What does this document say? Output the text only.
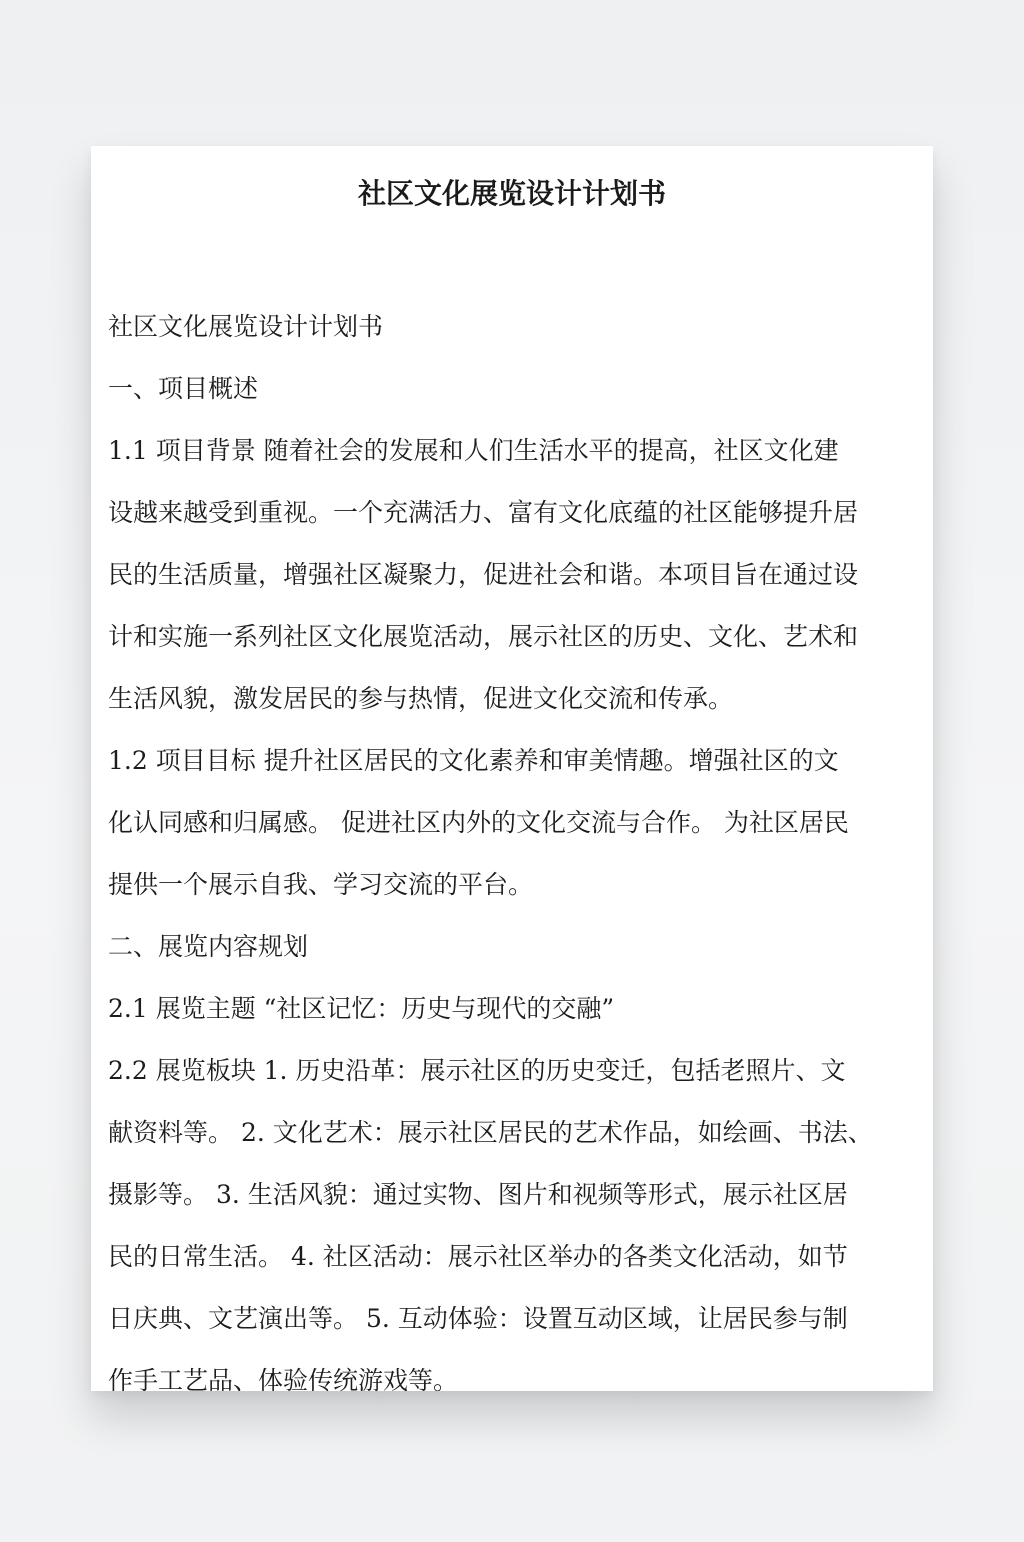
社区文化展览设计计划书
社区文化展览设计计划书
一、项目概述
1.1 项目背景 随着社会的发展和人们生活水平的提高，社区文化建
设越来越受到重视。一个充满活力、富有文化底蕴的社区能够提升居
民的生活质量，增强社区凝聚力，促进社会和谐。本项目旨在通过设
计和实施一系列社区文化展览活动，展示社区的历史、文化、艺术和
生活风貌，激发居民的参与热情，促进文化交流和传承。
1.2 项目目标 提升社区居民的文化素养和审美情趣。增强社区的文
化认同感和归属感。 促进社区内外的文化交流与合作。 为社区居民
提供一个展示自我、学习交流的平台。
二、展览内容规划
2.1 展览主题 “社区记忆：历史与现代的交融”
2.2 展览板块 1. 历史沿革：展示社区的历史变迁，包括老照片、文
献资料等。 2. 文化艺术：展示社区居民的艺术作品，如绘画、书法、
摄影等。 3. 生活风貌：通过实物、图片和视频等形式，展示社区居
民的日常生活。 4. 社区活动：展示社区举办的各类文化活动，如节
日庆典、文艺演出等。 5. 互动体验：设置互动区域，让居民参与制
作手工艺品、体验传统游戏等。
